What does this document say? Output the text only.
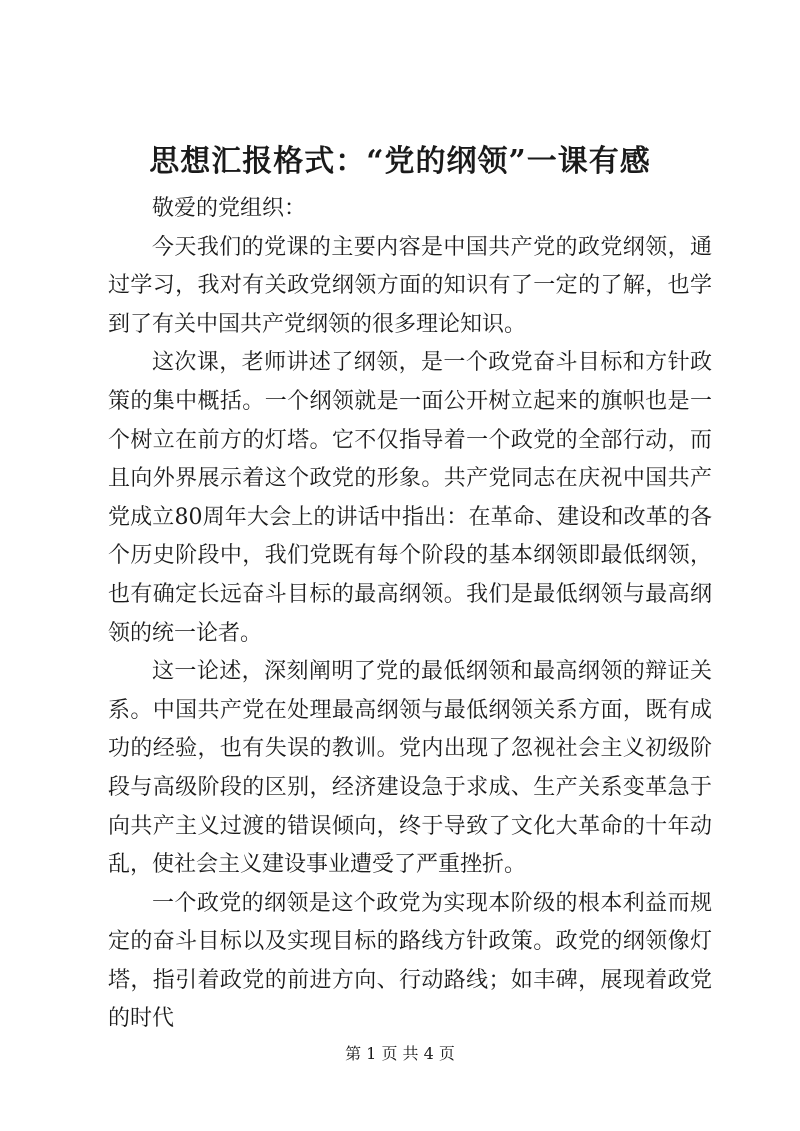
思想汇报格式：“党的纲领”一课有感

敬爱的党组织：

今天我们的党课的主要内容是中国共产党的政党纲领，通过学习，我对有关政党纲领方面的知识有了一定的了解，也学到了有关中国共产党纲领的很多理论知识。

这次课，老师讲述了纲领，是一个政党奋斗目标和方针政策的集中概括。一个纲领就是一面公开树立起来的旗帜也是一个树立在前方的灯塔。它不仅指导着一个政党的全部行动，而且向外界展示着这个政党的形象。共产党同志在庆祝中国共产党成立80周年大会上的讲话中指出：在革命、建设和改革的各个历史阶段中，我们党既有每个阶段的基本纲领即最低纲领，也有确定长远奋斗目标的最高纲领。我们是最低纲领与最高纲领的统一论者。

这一论述，深刻阐明了党的最低纲领和最高纲领的辩证关系。中国共产党在处理最高纲领与最低纲领关系方面，既有成功的经验，也有失误的教训。党内出现了忽视社会主义初级阶段与高级阶段的区别，经济建设急于求成、生产关系变革急于向共产主义过渡的错误倾向，终于导致了文化大革命的十年动乱，使社会主义建设事业遭受了严重挫折。

一个政党的纲领是这个政党为实现本阶级的根本利益而规定的奋斗目标以及实现目标的路线方针政策。政党的纲领像灯塔，指引着政党的前进方向、行动路线；如丰碑，展现着政党的时代

第 1 页 共 4 页
